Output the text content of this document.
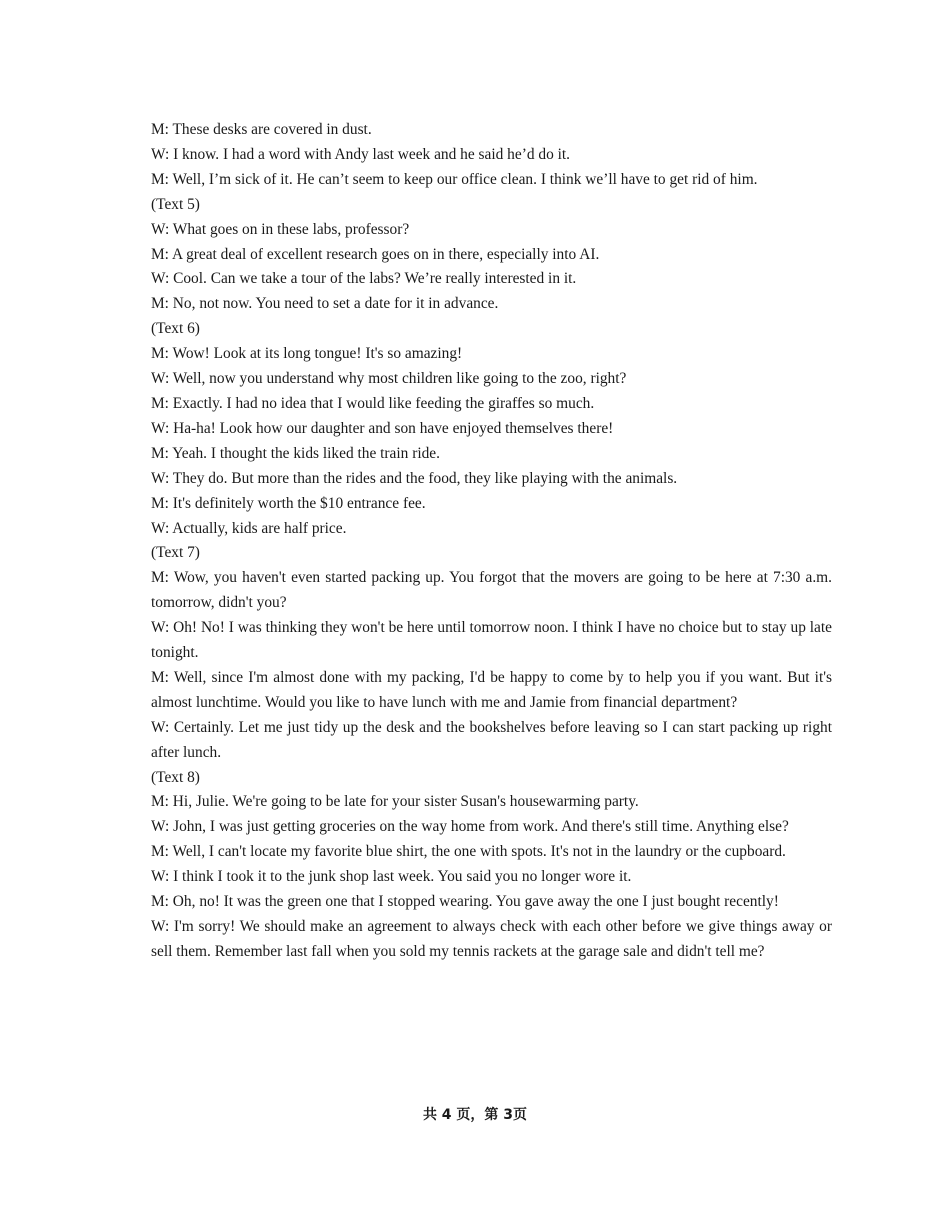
M: These desks are covered in dust.

W: I know. I had a word with Andy last week and he said he’d do it.

M: Well, I’m sick of it. He can’t seem to keep our office clean. I think we’ll have to get rid of him.

(Text 5)

W: What goes on in these labs, professor?

M: A great deal of excellent research goes on in there, especially into AI.

W: Cool. Can we take a tour of the labs? We’re really interested in it.

M: No, not now. You need to set a date for it in advance.

(Text 6)

M: Wow! Look at its long tongue! It's so amazing!

W: Well, now you understand why most children like going to the zoo, right?

M: Exactly. I had no idea that I would like feeding the giraffes so much.

W: Ha-ha! Look how our daughter and son have enjoyed themselves there!

M: Yeah. I thought the kids liked the train ride.

W: They do. But more than the rides and the food, they like playing with the animals.

M: It's definitely worth the $10 entrance fee.

W: Actually, kids are half price.

(Text 7)

M: Wow, you haven't even started packing up. You forgot that the movers are going to be here at 7:30 a.m. tomorrow, didn't you?

W: Oh! No! I was thinking they won't be here until tomorrow noon. I think I have no choice but to stay up late tonight.

M: Well, since I'm almost done with my packing, I'd be happy to come by to help you if you want. But it's almost lunchtime. Would you like to have lunch with me and Jamie from financial department?

W: Certainly. Let me just tidy up the desk and the bookshelves before leaving so I can start packing up right after lunch.

(Text 8)

M: Hi, Julie. We're going to be late for your sister Susan's housewarming party.

W: John, I was just getting groceries on the way home from work. And there's still time. Anything else?

M: Well, I can't locate my favorite blue shirt, the one with spots. It's not in the laundry or the cupboard.

W: I think I took it to the junk shop last week. You said you no longer wore it.

M: Oh, no! It was the green one that I stopped wearing. You gave away the one I just bought recently!

W: I'm sorry! We should make an agreement to always check with each other before we give things away or sell them. Remember last fall when you sold my tennis rackets at the garage sale and didn't tell me?

共 4 页，第 3页
